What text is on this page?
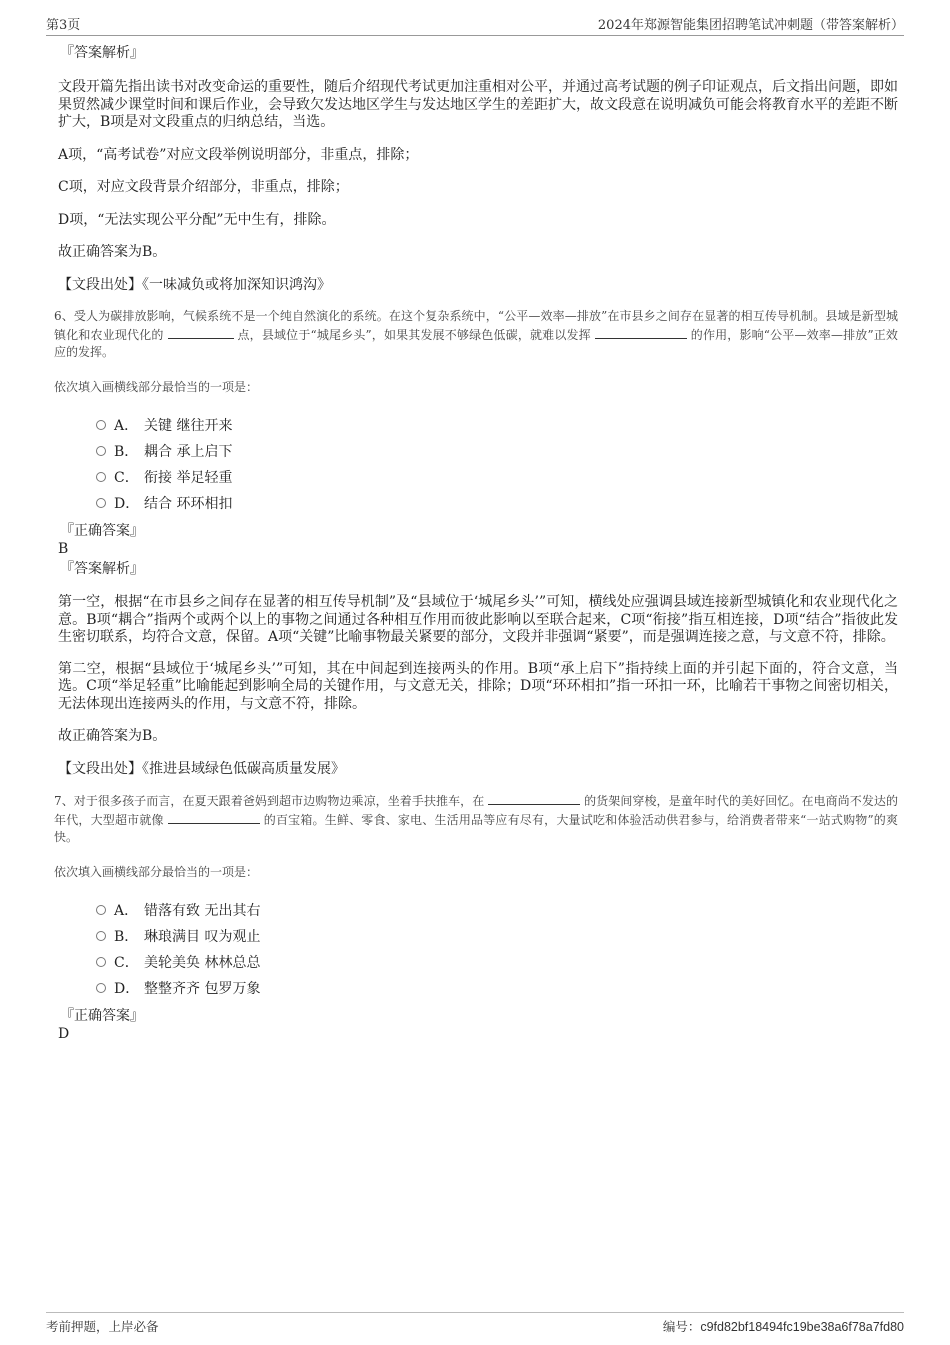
第3页	2024年郑源智能集团招聘笔试冲刺题（带答案解析）
『答案解析』

文段开篇先指出读书对改变命运的重要性，随后介绍现代考试更加注重相对公平，并通过高考试题的例子印证观点，后文指出问题，即如果贸然减少课堂时间和课后作业，会导致欠发达地区学生与发达地区学生的差距扩大，故文段意在说明减负可能会将教育水平的差距不断扩大，B项是对文段重点的归纳总结，当选。

A项，“高考试卷”对应文段举例说明部分，非重点，排除；

C项，对应文段背景介绍部分，非重点，排除；

D项，“无法实现公平分配”无中生有，排除。

故正确答案为B。

【文段出处】《一味减负或将加深知识鸿沟》

6、受人为碳排放影响，气候系统不是一个纯自然演化的系统。在这个复杂系统中，“公平—效率—排放”在市县乡之间存在显著的相互传导机制。县域是新型城镇化和农业现代化的	点，县域位于“城尾乡头”，如果其发展不够绿色低碳，就难以发挥	的作用，影响“公平—效率—排放”正效应的发挥。

依次填入画横线部分最恰当的一项是：

A． 关键 继往开来
B． 耦合 承上启下
C． 衔接 举足轻重
D． 结合 环环相扣
『正确答案』
B
『答案解析』

第一空，根据“在市县乡之间存在显著的相互传导机制”及“县域位于‘城尾乡头’”可知，横线处应强调县域连接新型城镇化和农业现代化之意。B项“耦合”指两个或两个以上的事物之间通过各种相互作用而彼此影响以至联合起来，C项“衔接”指互相连接，D项“结合”指彼此发生密切联系，均符合文意，保留。A项“关键”比喻事物最关紧要的部分，文段并非强调“紧要”，而是强调连接之意，与文意不符，排除。

第二空，根据“县域位于‘城尾乡头’”可知，其在中间起到连接两头的作用。B项“承上启下”指持续上面的并引起下面的，符合文意，当选。C项“举足轻重”比喻能起到影响全局的关键作用，与文意无关，排除；D项“环环相扣”指一环扣一环，比喻若干事物之间密切相关，无法体现出连接两头的作用，与文意不符，排除。

故正确答案为B。

【文段出处】《推进县域绿色低碳高质量发展》

7、对于很多孩子而言，在夏天跟着爸妈到超市边购物边乘凉，坐着手扶推车，在	的货架间穿梭，是童年时代的美好回忆。在电商尚不发达的年代，大型超市就像	的百宝箱。生鲜、零食、家电、生活用品等应有尽有，大量试吃和体验活动供君参与，给消费者带来“一站式购物”的爽快。

依次填入画横线部分最恰当的一项是：

A． 错落有致 无出其右
B． 琳琅满目 叹为观止
C． 美轮美奂 林林总总
D． 整整齐齐 包罗万象
『正确答案』
D
考前押题，上岸必备	编号：c9fd82bf18494fc19be38a6f78a7fd80
